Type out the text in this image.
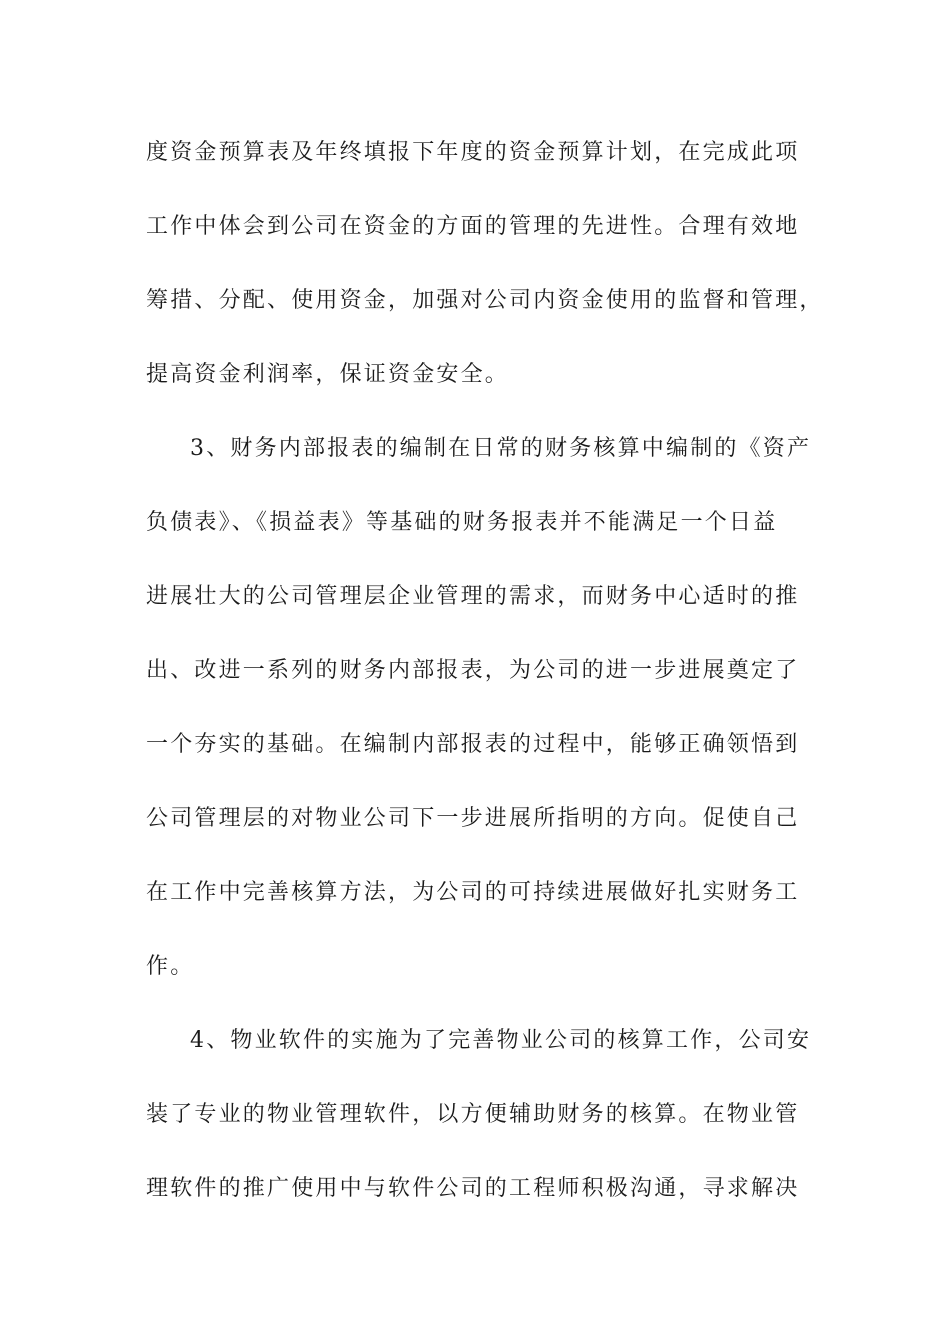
度资金预算表及年终填报下年度的资金预算计划，在完成此项
工作中体会到公司在资金的方面的管理的先进性。合理有效地
筹措、分配、使用资金，加强对公司内资金使用的监督和管理，
提高资金利润率，保证资金安全。
3、财务内部报表的编制在日常的财务核算中编制的《资产
负债表》、《损益表》等基础的财务报表并不能满足一个日益
进展壮大的公司管理层企业管理的需求，而财务中心适时的推
出、改进一系列的财务内部报表，为公司的进一步进展奠定了
一个夯实的基础。在编制内部报表的过程中，能够正确领悟到
公司管理层的对物业公司下一步进展所指明的方向。促使自己
在工作中完善核算方法，为公司的可持续进展做好扎实财务工
作。
4、物业软件的实施为了完善物业公司的核算工作，公司安
装了专业的物业管理软件，以方便辅助财务的核算。在物业管
理软件的推广使用中与软件公司的工程师积极沟通，寻求解决
